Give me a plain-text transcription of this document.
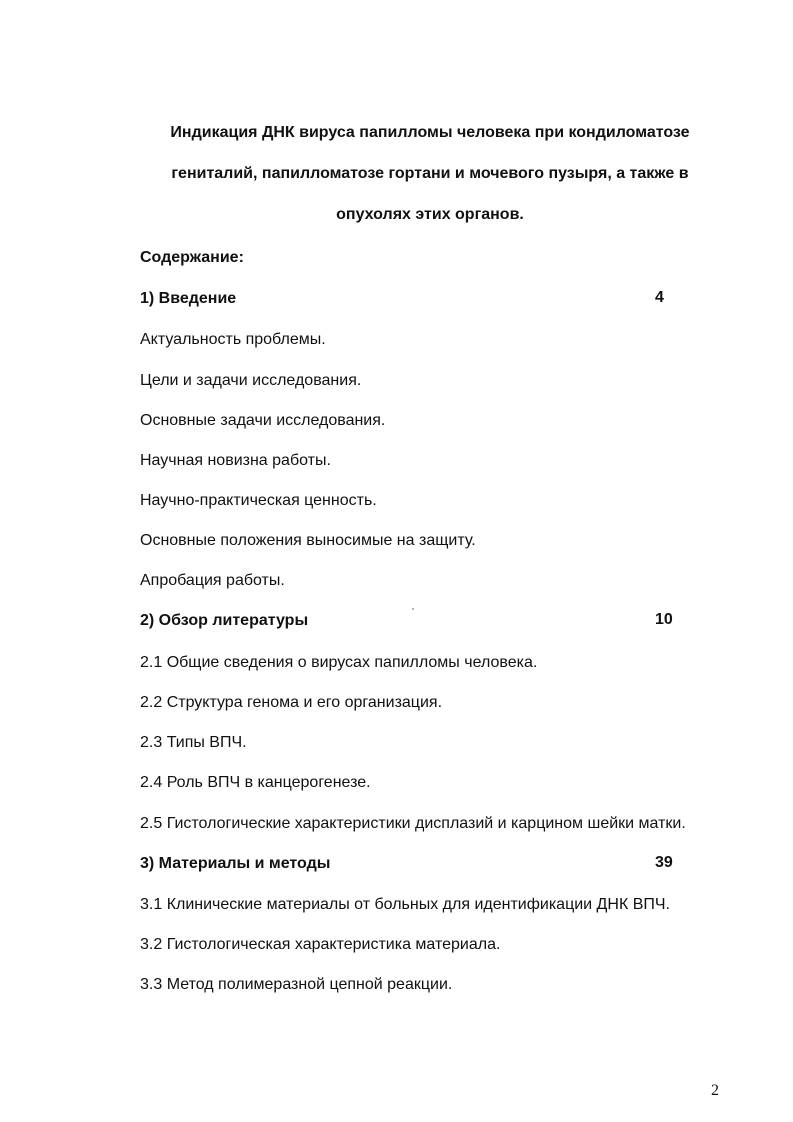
Индикация ДНК вируса папилломы человека при кондиломатозе
гениталий, папилломатозе гортани и мочевого пузыря, а также в
опухолях этих органов.
Содержание:
1) Введение	4
Актуальность проблемы.
Цели и задачи исследования.
Основные задачи исследования.
Научная новизна работы.
Научно-практическая ценность.
Основные положения выносимые на защиту.
Апробация работы.
2) Обзор литературы	10
2.1 Общие сведения о вирусах папилломы человека.
2.2 Структура генома и его организация.
2.3 Типы ВПЧ.
2.4 Роль ВПЧ в канцерогенезе.
2.5 Гистологические характеристики дисплазий и карцином шейки матки.
3) Материалы и методы	39
3.1 Клинические материалы от больных для идентификации ДНК ВПЧ.
3.2 Гистологическая характеристика материала.
3.3 Метод полимеразной цепной реакции.
2
